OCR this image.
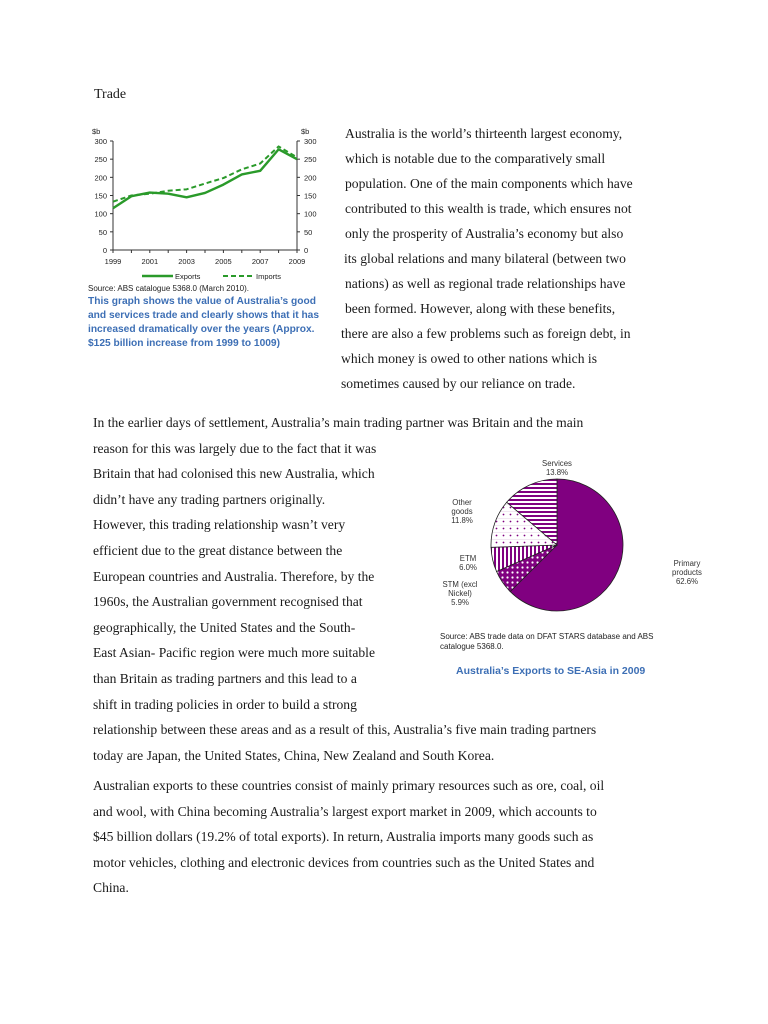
Trade
0	0
50	50
100	100
150	150
200	200
250	250
300	300
$b	$b
1999	2001	2003	2005	2007	2009
Exports	Imports
Source: ABS catalogue 5368.0 (March 2010).
This graph shows the value of Australia’s good
and services trade and clearly shows that it has
increased dramatically over the years (Approx.
$125 billion increase from 1999 to 1009)
Australia is the world’s thirteenth largest economy,
which is notable due to the comparatively small
population. One of the main components which have
contributed to this wealth is trade, which ensures not
only the prosperity of Australia’s economy but also
its global relations and many bilateral (between two
nations) as well as regional trade relationships have
been formed. However, along with these benefits,
there are also a few problems such as foreign debt, in
which money is owed to other nations which is
sometimes caused by our reliance on trade.
In the earlier days of settlement, Australia’s main trading partner was Britain and the main
reason for this was largely due to the fact that it was
Britain that had colonised this new Australia, which
didn’t have any trading partners originally.
However, this trading relationship wasn’t very
efficient due to the great distance between the
European countries and Australia. Therefore, by the
1960s, the Australian government recognised that
geographically, the United States and the South-
East Asian- Pacific region were much more suitable
than Britain as trading partners and this lead to a
shift in trading policies in order to build a strong
relationship between these areas and as a result of this, Australia’s five main trading partners
today are Japan, the United States, China, New Zealand and South Korea.
Primary products 62.6%
STM (excl Nickel) 5.9%
ETM 6.0%
Other goods 11.8%
Services 13.8%
Source: ABS trade data on DFAT STARS database and ABS
catalogue 5368.0.
Australia’s Exports to SE-Asia in 2009
Australian exports to these countries consist of mainly primary resources such as ore, coal, oil
and wool, with China becoming Australia’s largest export market in 2009, which accounts to
$45 billion dollars (19.2% of total exports). In return, Australia imports many goods such as
motor vehicles, clothing and electronic devices from countries such as the United States and
China.
